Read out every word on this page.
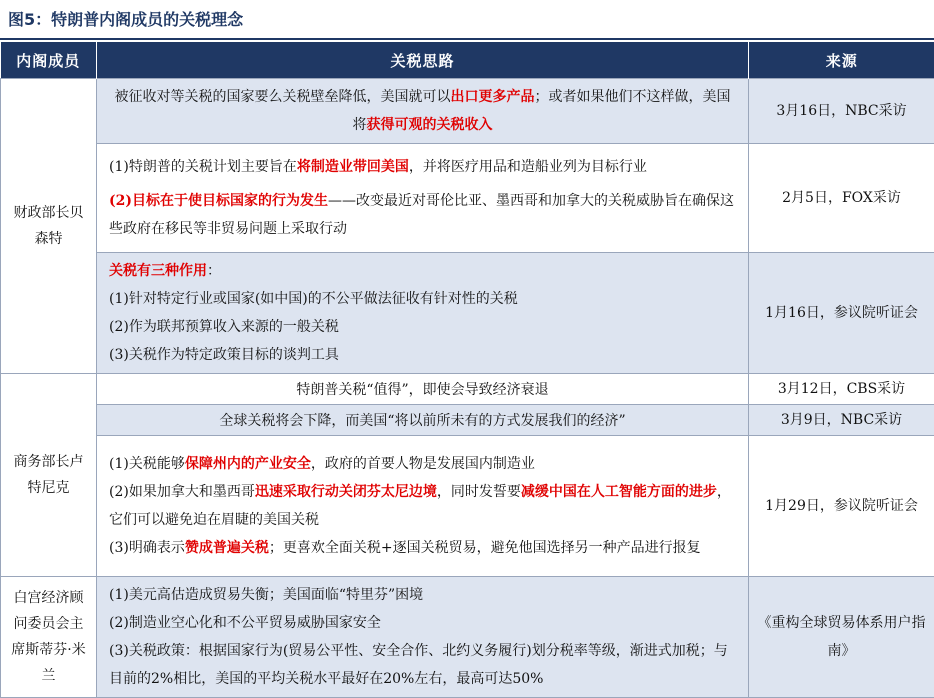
图5：特朗普内阁成员的关税理念
内阁成员	关税思路	来源
财政部长贝森特	被征收对等关税的国家要么关税壁垒降低，美国就可以出口更多产品；或者如果他们不这样做，美国将获得可观的关税收入	3月16日，NBC采访

	(1)特朗普的关税计划主要旨在将制造业带回美国，并将医疗用品和造船业列为目标行业
(2)目标在于使目标国家的行为发生——改变最近对哥伦比亚、墨西哥和加拿大的关税威胁旨在确保这些政府在移民等非贸易问题上采取行动	2月5日，FOX采访

	关税有三种作用：
(1)针对特定行业或国家(如中国)的不公平做法征收有针对性的关税
(2)作为联邦预算收入来源的一般关税
(3)关税作为特定政策目标的谈判工具	1月16日，参议院听证会
商务部长卢特尼克	特朗普关税“值得”，即使会导致经济衰退	3月12日，CBS采访

	全球关税将会下降，而美国“将以前所未有的方式发展我们的经济”	3月9日，NBC采访

	(1)关税能够保障州内的产业安全，政府的首要人物是发展国内制造业
(2)如果加拿大和墨西哥迅速采取行动关闭芬太尼边境，同时发誓要减缓中国在人工智能方面的进步，它们可以避免迫在眉睫的美国关税
(3)明确表示赞成普遍关税；更喜欢全面关税+逐国关税贸易，避免他国选择另一种产品进行报复	1月29日，参议院听证会
白宫经济顾问委员会主席斯蒂芬·米兰	(1)美元高估造成贸易失衡；美国面临“特里芬”困境
(2)制造业空心化和不公平贸易威胁国家安全
(3)关税政策：根据国家行为(贸易公平性、安全合作、北约义务履行)划分税率等级，渐进式加税；与目前的2%相比，美国的平均关税水平最好在20%左右，最高可达50%	《重构全球贸易体系用户指南》
